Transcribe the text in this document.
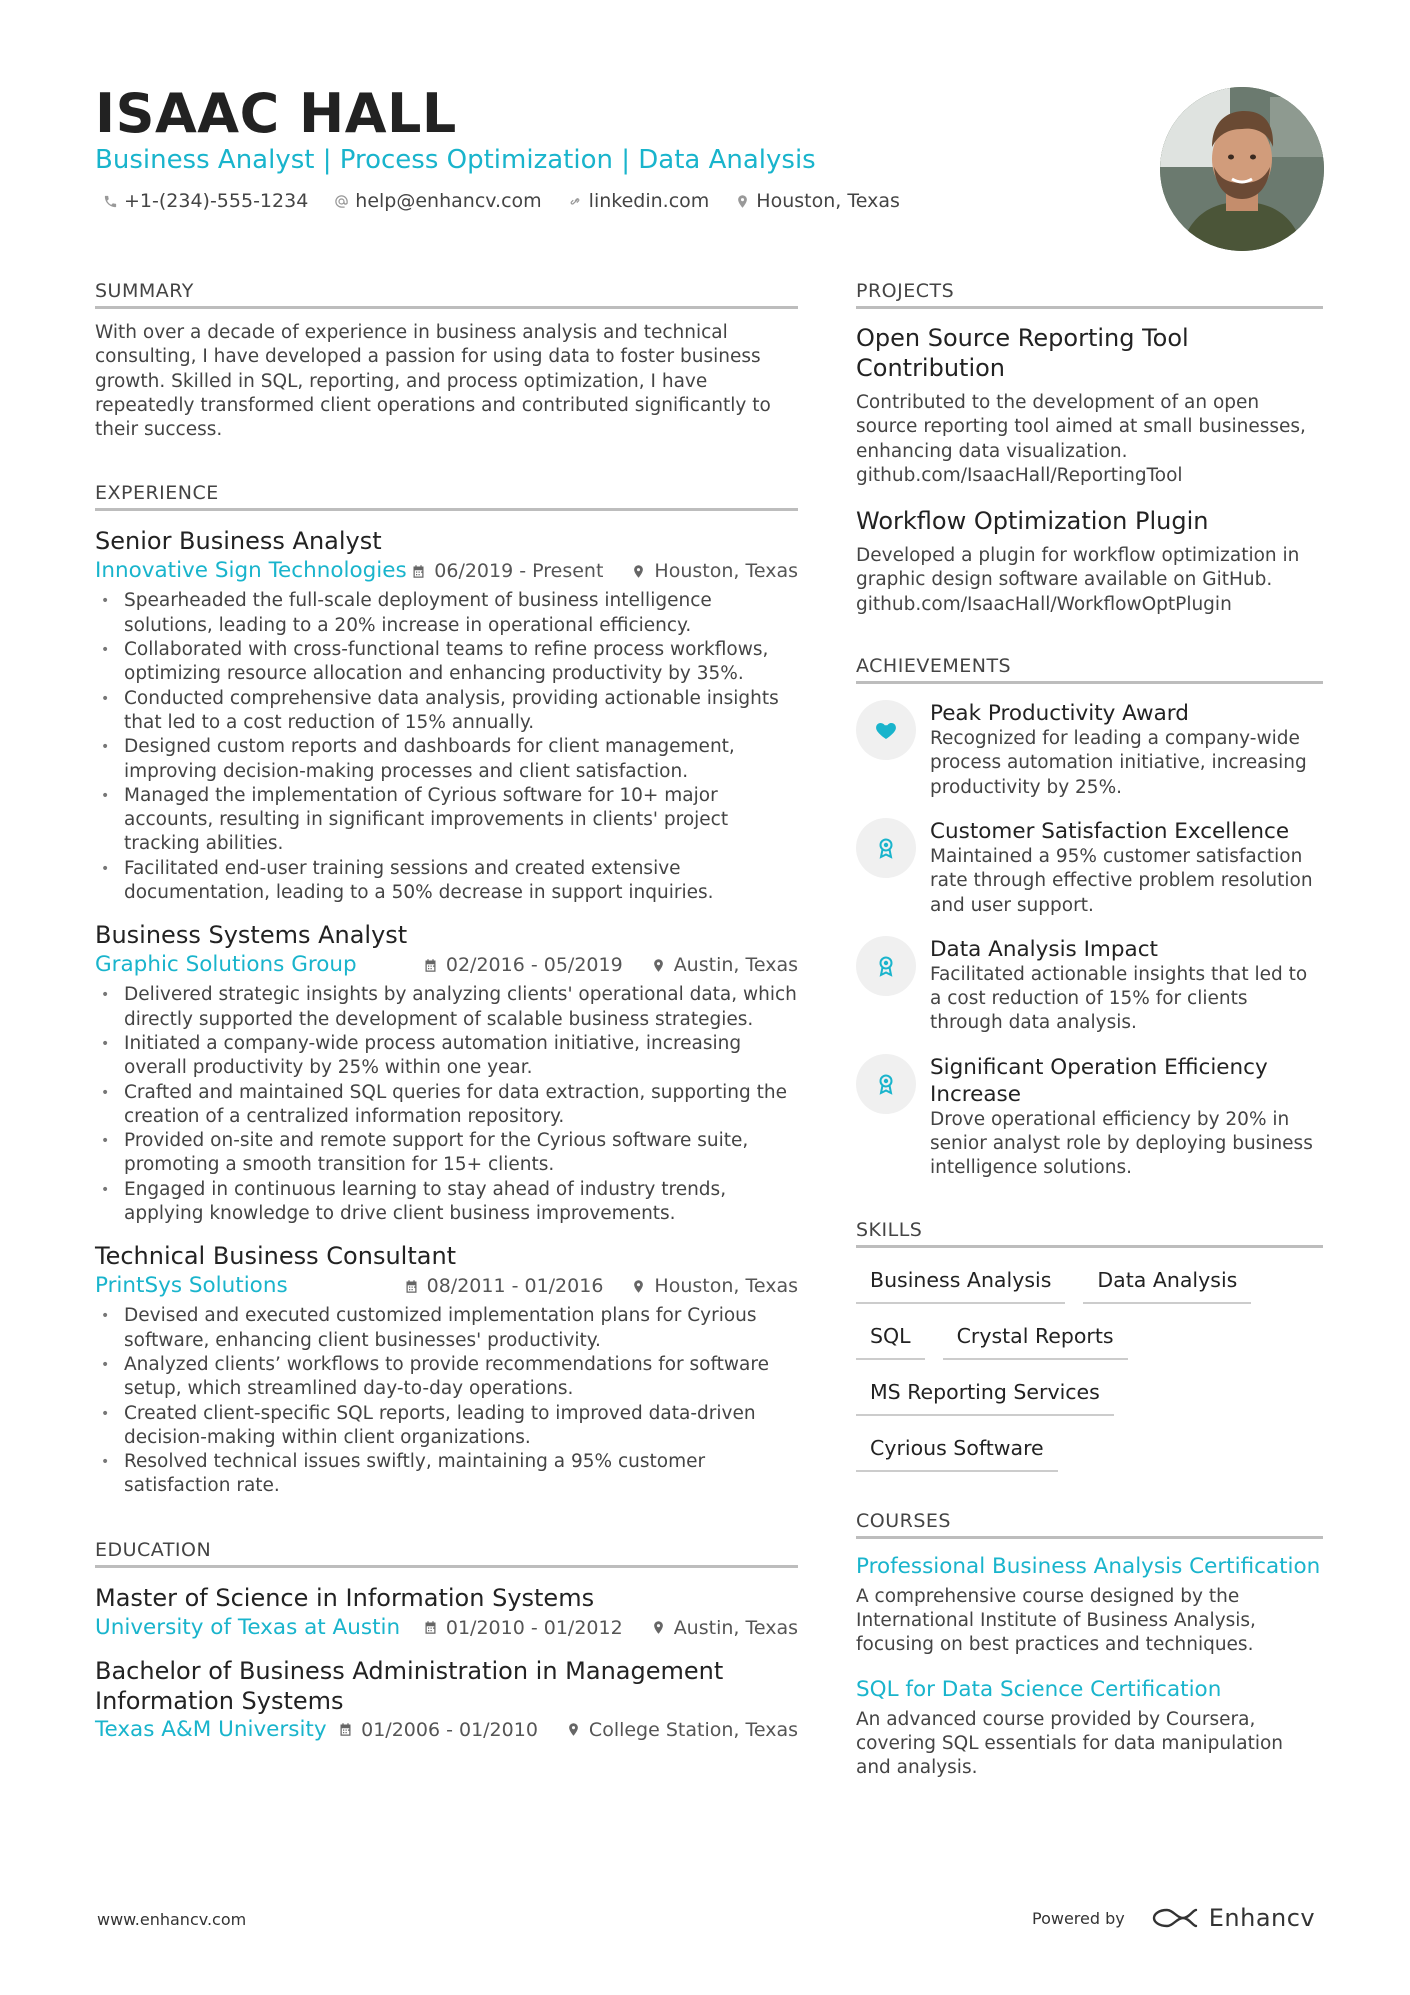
ISAAC HALL
Business Analyst | Process Optimization | Data Analysis
+1-(234)-555-1234 help@enhancv.com linkedin.com Houston, Texas
SUMMARY

With over a decade of experience in business analysis and technical consulting, I have developed a passion for using data to foster business growth. Skilled in SQL, reporting, and process optimization, I have repeatedly transformed client operations and contributed significantly to their success.

EXPERIENCE
Senior Business Analyst
Innovative Sign Technologies 06/2019 - Present	Houston, Texas
• Spearheaded the full-scale deployment of business intelligence solutions, leading to a 20% increase in operational efficiency.
• Collaborated with cross-functional teams to refine process workflows, optimizing resource allocation and enhancing productivity by 35%.
• Conducted comprehensive data analysis, providing actionable insights that led to a cost reduction of 15% annually.
• Designed custom reports and dashboards for client management, improving decision-making processes and client satisfaction.
• Managed the implementation of Cyrious software for 10+ major accounts, resulting in significant improvements in clients' project tracking abilities.
• Facilitated end-user training sessions and created extensive documentation, leading to a 50% decrease in support inquiries.
Business Systems Analyst
Graphic Solutions Group	02/2016 - 05/2019	Austin, Texas
• Delivered strategic insights by analyzing clients' operational data, which directly supported the development of scalable business strategies.
• Initiated a company-wide process automation initiative, increasing overall productivity by 25% within one year.
• Crafted and maintained SQL queries for data extraction, supporting the creation of a centralized information repository.
• Provided on-site and remote support for the Cyrious software suite, promoting a smooth transition for 15+ clients.
• Engaged in continuous learning to stay ahead of industry trends, applying knowledge to drive client business improvements.
Technical Business Consultant
PrintSys Solutions	08/2011 - 01/2016	Houston, Texas
• Devised and executed customized implementation plans for Cyrious software, enhancing client businesses' productivity.
• Analyzed clients’ workflows to provide recommendations for software setup, which streamlined day-to-day operations.
• Created client-specific SQL reports, leading to improved data-driven decision-making within client organizations.
• Resolved technical issues swiftly, maintaining a 95% customer satisfaction rate.
EDUCATION
Master of Science in Information Systems
University of Texas at Austin 01/2010 - 01/2012	Austin, Texas
Bachelor of Business Administration in Management Information Systems
Texas A&M University 01/2006 - 01/2010	College Station, Texas
PROJECTS

Open Source Reporting Tool Contribution

Contributed to the development of an open source reporting tool aimed at small businesses, enhancing data visualization. github.com/IsaacHall/ReportingTool

Workflow Optimization Plugin

Developed a plugin for workflow optimization in graphic design software available on GitHub. github.com/IsaacHall/WorkflowOptPlugin

ACHIEVEMENTS
Peak Productivity Award
Recognized for leading a company-wide process automation initiative, increasing productivity by 25%.
Customer Satisfaction Excellence
Maintained a 95% customer satisfaction rate through effective problem resolution and user support.
Data Analysis Impact
Facilitated actionable insights that led to a cost reduction of 15% for clients through data analysis.
Significant Operation Efficiency Increase
Drove operational efficiency by 20% in senior analyst role by deploying business intelligence solutions.
SKILLS
Business Analysis	Data Analysis
SQL	Crystal Reports
MS Reporting Services
Cyrious Software
COURSES
Professional Business Analysis Certification
A comprehensive course designed by the International Institute of Business Analysis, focusing on best practices and techniques.
SQL for Data Science Certification
An advanced course provided by Coursera, covering SQL essentials for data manipulation and analysis.
www.enhancv.com	Powered by	Enhancv
